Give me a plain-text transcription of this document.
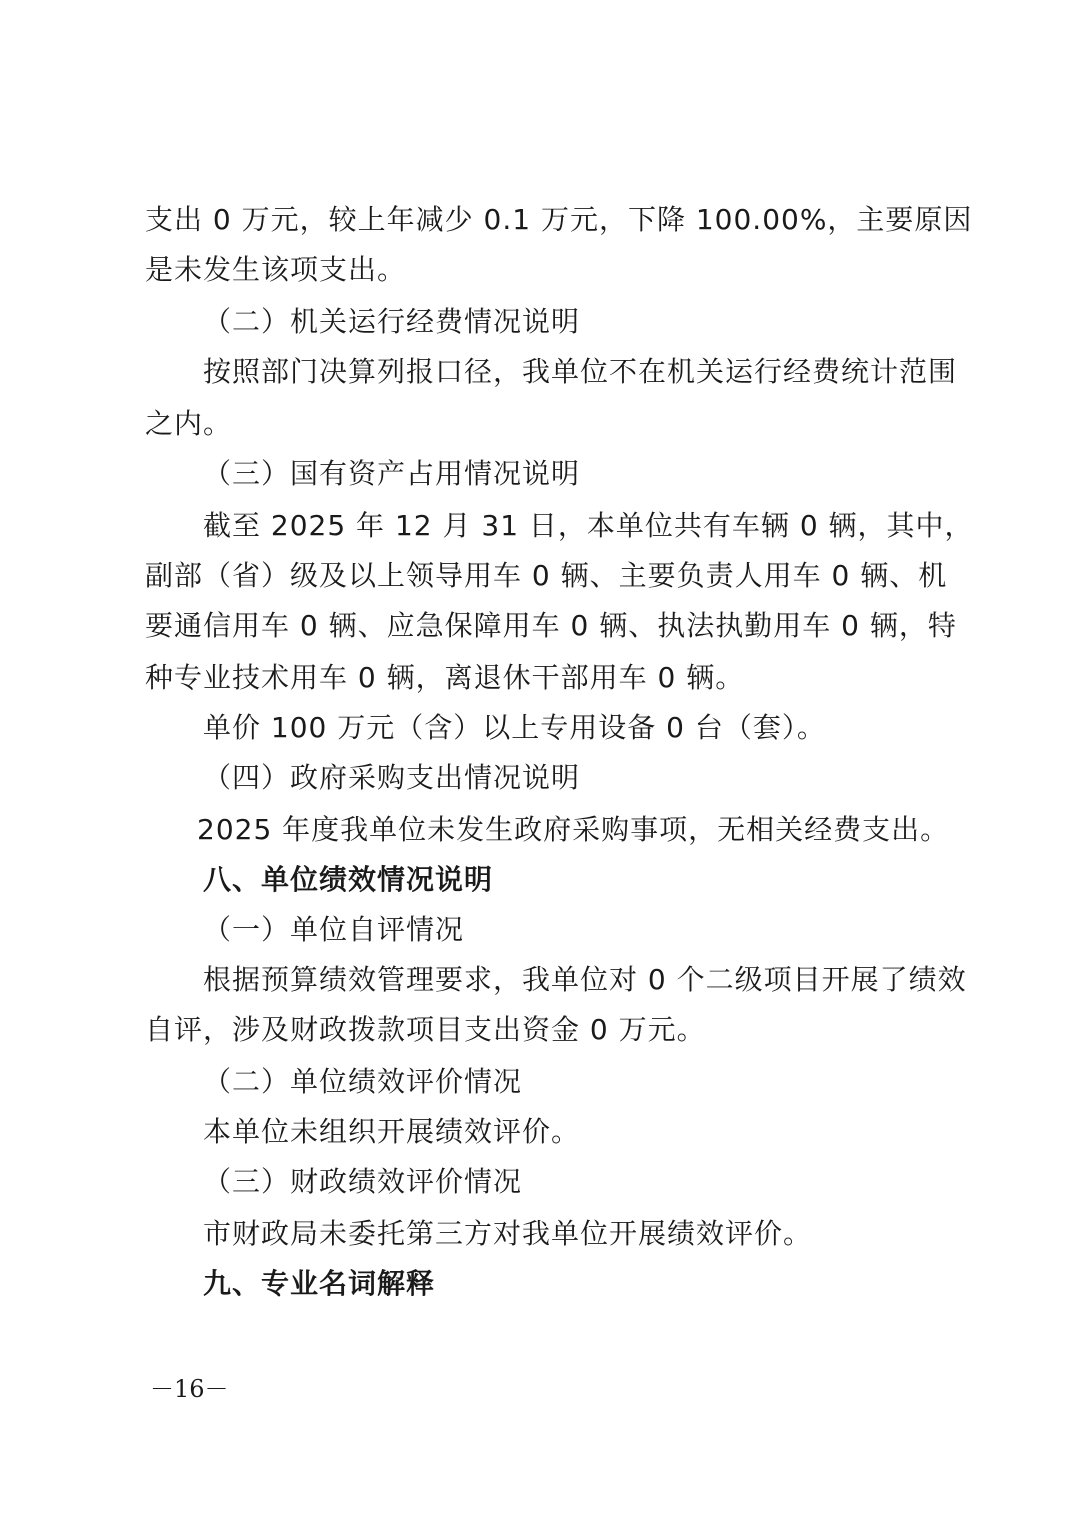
支出 0 万元，较上年减少 0.1 万元，下降 100.00%，主要原因
是未发生该项支出。
（二）机关运行经费情况说明
按照部门决算列报口径，我单位不在机关运行经费统计范围
之内。
（三）国有资产占用情况说明
截至 2025 年 12 月 31 日，本单位共有车辆 0 辆，其中，
副部（省）级及以上领导用车 0 辆、主要负责人用车 0 辆、机
要通信用车 0 辆、应急保障用车 0 辆、执法执勤用车 0 辆，特
种专业技术用车 0 辆，离退休干部用车 0 辆。
单价 100 万元（含）以上专用设备 0 台（套）。
（四）政府采购支出情况说明
2025 年度我单位未发生政府采购事项，无相关经费支出。
八、单位绩效情况说明
（一）单位自评情况
根据预算绩效管理要求，我单位对 0 个二级项目开展了绩效
自评，涉及财政拨款项目支出资金 0 万元。
（二）单位绩效评价情况
本单位未组织开展绩效评价。
（三）财政绩效评价情况
市财政局未委托第三方对我单位开展绩效评价。
九、专业名词解释
－16－
